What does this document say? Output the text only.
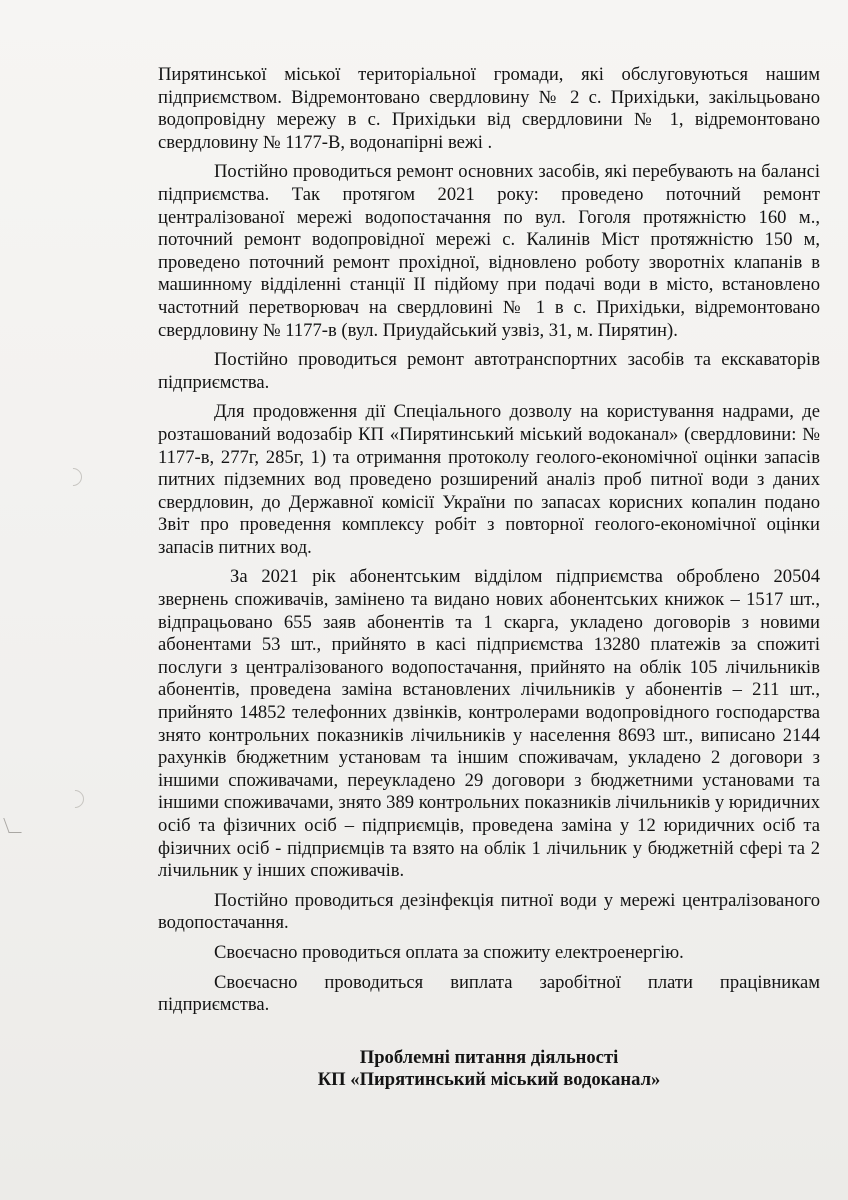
Пирятинської міської територіальної громади, які обслуговуються нашим підприємством. Відремонтовано свердловину № 2 с. Прихідьки, закільцьовано водопровідну мережу в с. Прихідьки від свердловини № 1, відремонтовано свердловину № 1177-В, водонапірні вежі .

Постійно проводиться ремонт основних засобів, які перебувають на балансі підприємства. Так протягом 2021 року: проведено поточний ремонт централізованої мережі водопостачання по вул. Гоголя протяжністю 160 м., поточний ремонт водопровідної мережі с. Калинів Міст протяжністю 150 м, проведено поточний ремонт прохідної, відновлено роботу зворотніх клапанів в машинному відділенні станції ІІ підйому при подачі води в місто, встановлено частотний перетворювач на свердловині № 1 в с. Прихідьки, відремонтовано свердловину № 1177-в (вул. Приудайський узвіз, 31, м. Пирятин).

Постійно проводиться ремонт автотранспортних засобів та екскаваторів підприємства.

Для продовження дії Спеціального дозволу на користування надрами, де розташований водозабір КП «Пирятинський міський водоканал» (свердловини: № 1177-в, 277г, 285г, 1) та отримання протоколу геолого-економічної оцінки запасів питних підземних вод проведено розширений аналіз проб питної води з даних свердловин, до Державної комісії України по запасах корисних копалин подано Звіт про проведення комплексу робіт з повторної геолого-економічної оцінки запасів питних вод.

За 2021 рік абонентським відділом підприємства оброблено 20504 звернень споживачів, замінено та видано нових абонентських книжок – 1517 шт., відпрацьовано 655 заяв абонентів та 1 скарга, укладено договорів з новими абонентами 53 шт., прийнято в касі підприємства 13280 платежів за спожиті послуги з централізованого водопостачання, прийнято на облік 105 лічильників абонентів, проведена заміна встановлених лічильників у абонентів – 211 шт., прийнято 14852 телефонних дзвінків, контролерами водопровідного господарства знято контрольних показників лічильників у населення 8693 шт., виписано 2144 рахунків бюджетним установам та іншим споживачам, укладено 2 договори з іншими споживачами, переукладено 29 договори з бюджетними установами та іншими споживачами, знято 389 контрольних показників лічильників у юридичних осіб та фізичних осіб – підприємців, проведена заміна у 12 юридичних осіб та фізичних осіб - підприємців та взято на облік 1 лічильник у бюджетній сфері та 2 лічильник у інших споживачів.

Постійно проводиться дезінфекція питної води у мережі централізованого водопостачання.

Своєчасно проводиться оплата за спожиту електроенергію.

Своєчасно проводиться виплата заробітної плати працівникам підприємства.

Проблемні питання діяльності

КП «Пирятинський міський водоканал»
